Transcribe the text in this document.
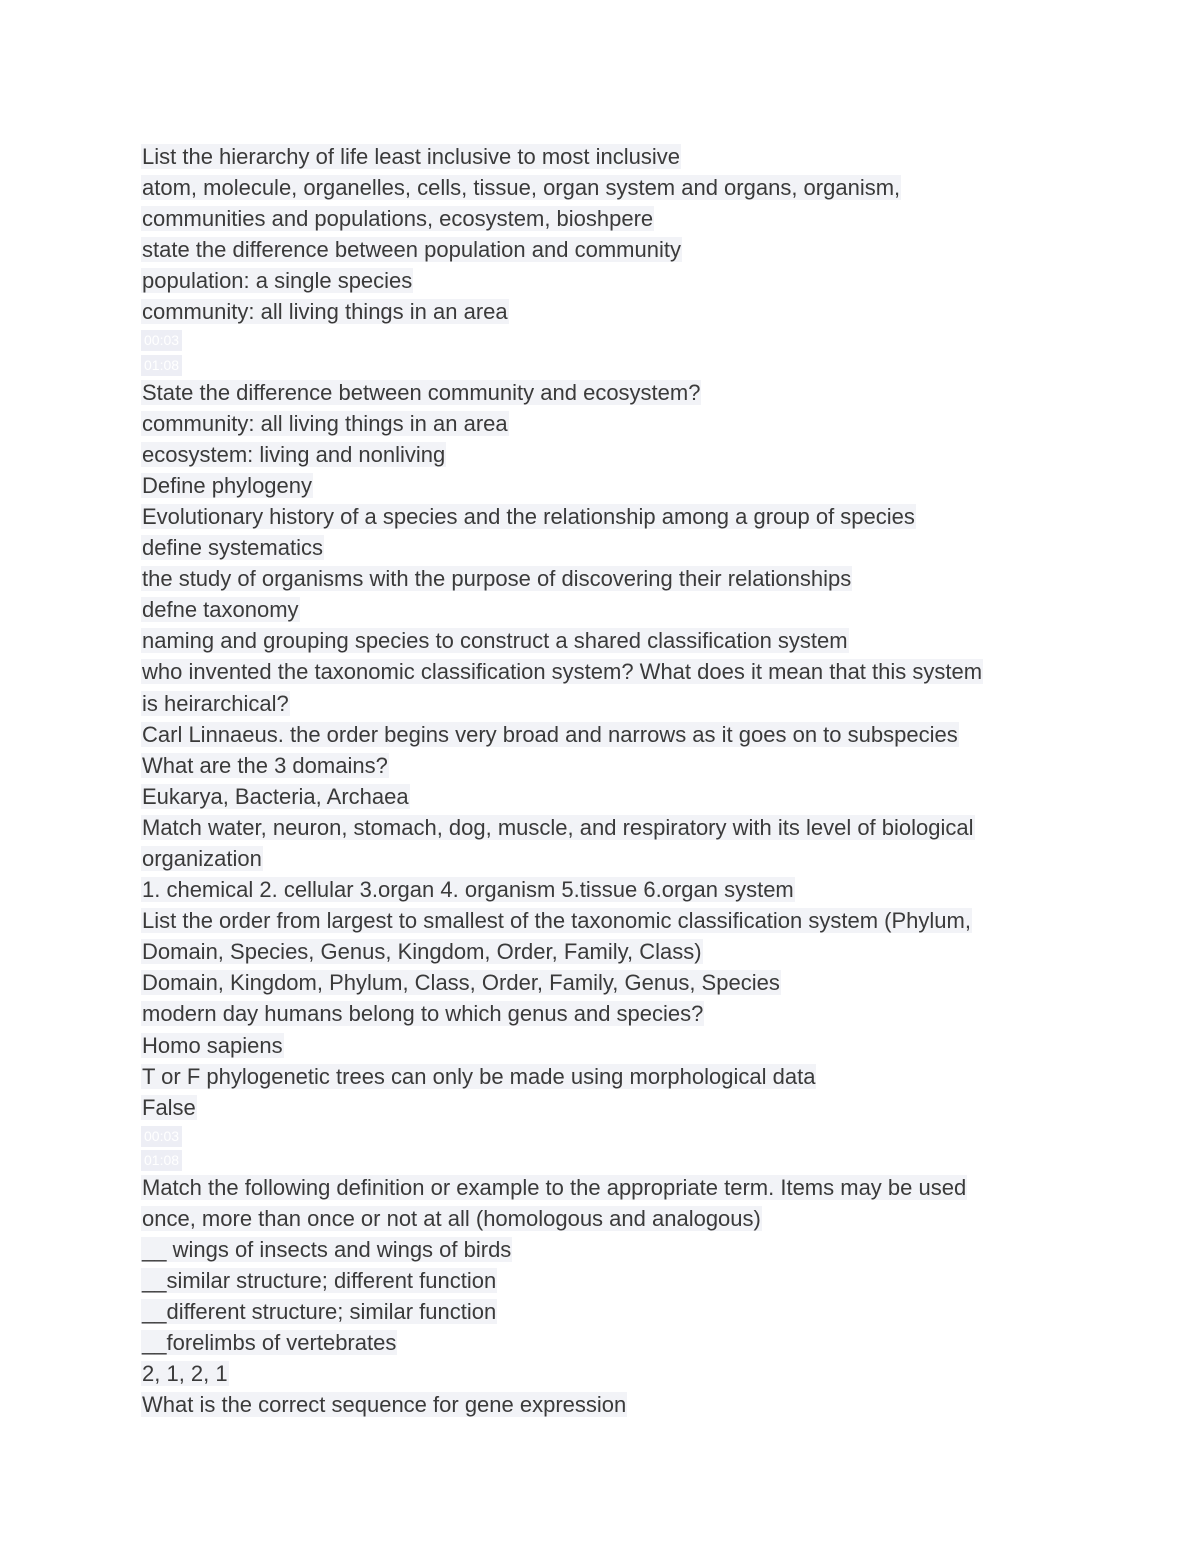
List the hierarchy of life least inclusive to most inclusive
atom, molecule, organelles, cells, tissue, organ system and organs, organism,
communities and populations, ecosystem, bioshpere
state the difference between population and community
population: a single species
community: all living things in an area
00:03
01:08
State the difference between community and ecosystem?
community: all living things in an area
ecosystem: living and nonliving
Define phylogeny
Evolutionary history of a species and the relationship among a group of species
define systematics
the study of organisms with the purpose of discovering their relationships
defne taxonomy
naming and grouping species to construct a shared classification system
who invented the taxonomic classification system? What does it mean that this system
is heirarchical?
Carl Linnaeus. the order begins very broad and narrows as it goes on to subspecies
What are the 3 domains?
Eukarya, Bacteria, Archaea
Match water, neuron, stomach, dog, muscle, and respiratory with its level of biological
organization
1. chemical 2. cellular 3.organ 4. organism 5.tissue 6.organ system
List the order from largest to smallest of the taxonomic classification system (Phylum,
Domain, Species, Genus, Kingdom, Order, Family, Class)
Domain, Kingdom, Phylum, Class, Order, Family, Genus, Species
modern day humans belong to which genus and species?
Homo sapiens
T or F phylogenetic trees can only be made using morphological data
False
00:03
01:08
Match the following definition or example to the appropriate term. Items may be used
once, more than once or not at all (homologous and analogous)
__ wings of insects and wings of birds
__similar structure; different function
__different structure; similar function
__forelimbs of vertebrates
2, 1, 2, 1
What is the correct sequence for gene expression
